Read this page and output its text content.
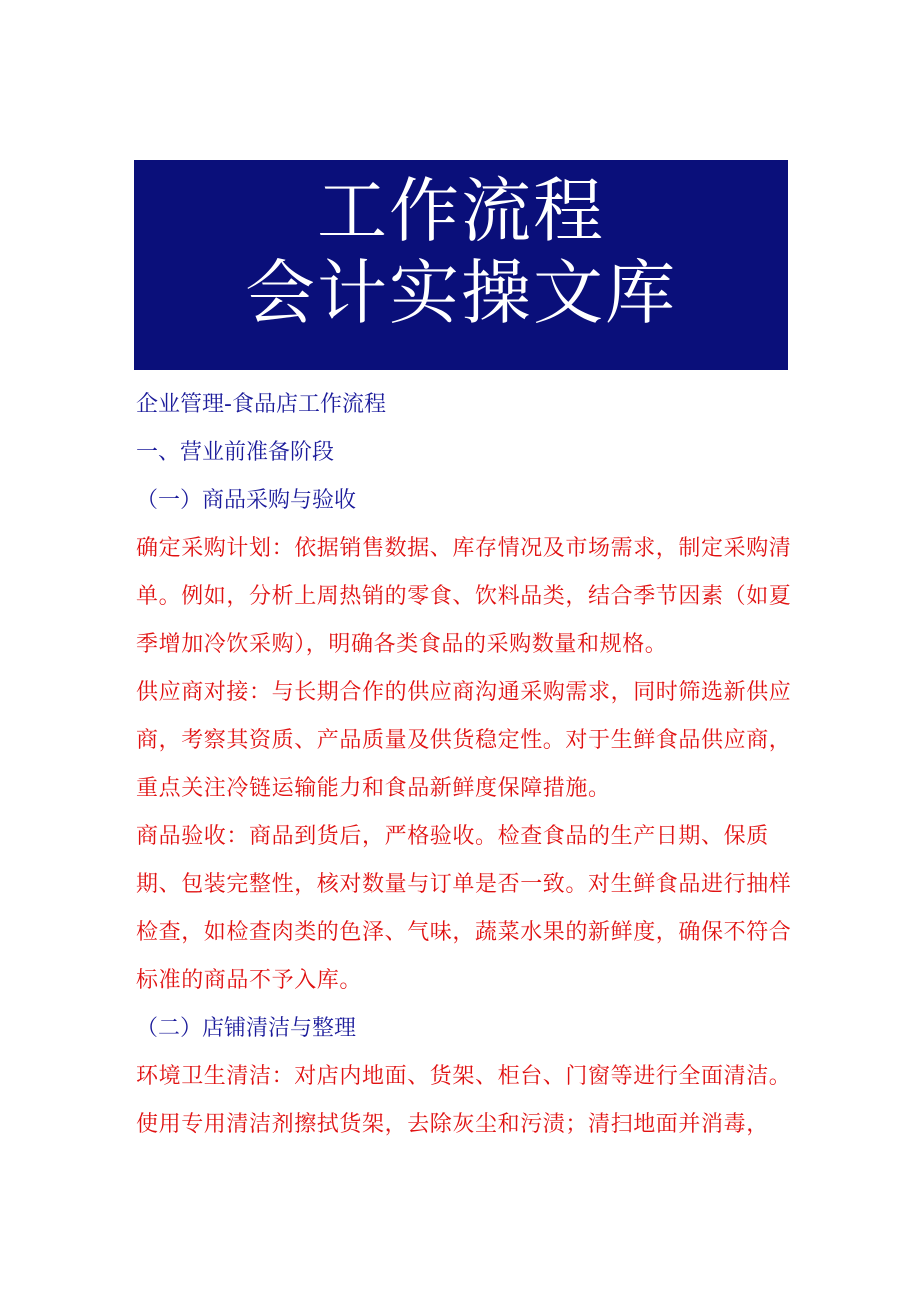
工作流程
会计实操文库

企业管理-食品店工作流程

一、营业前准备阶段

（一）商品采购与验收

确定采购计划：依据销售数据、库存情况及市场需求，制定采购清单。例如，分析上周热销的零食、饮料品类，结合季节因素（如夏季增加冷饮采购），明确各类食品的采购数量和规格。

供应商对接：与长期合作的供应商沟通采购需求，同时筛选新供应商，考察其资质、产品质量及供货稳定性。对于生鲜食品供应商，重点关注冷链运输能力和食品新鲜度保障措施。

商品验收：商品到货后，严格验收。检查食品的生产日期、保质期、包装完整性，核对数量与订单是否一致。对生鲜食品进行抽样检查，如检查肉类的色泽、气味，蔬菜水果的新鲜度，确保不符合标准的商品不予入库。

（二）店铺清洁与整理

环境卫生清洁：对店内地面、货架、柜台、门窗等进行全面清洁。使用专用清洁剂擦拭货架，去除灰尘和污渍；清扫地面并消毒，
